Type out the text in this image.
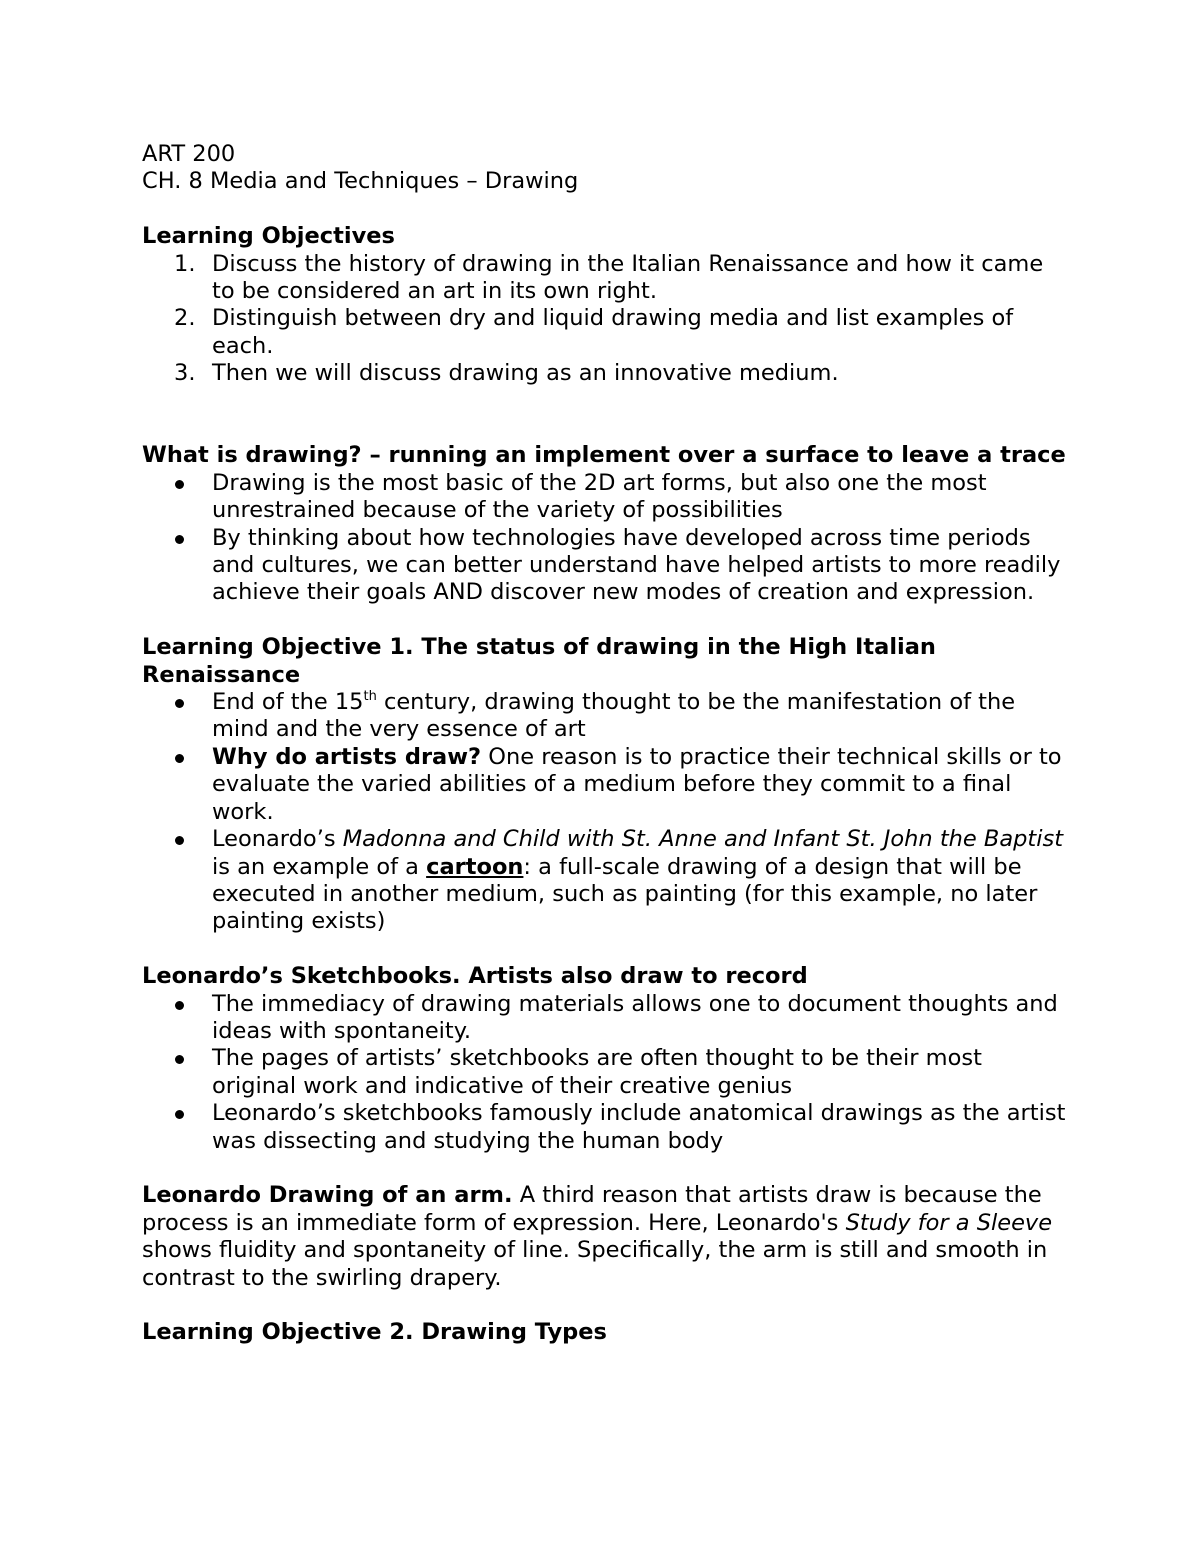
ART 200

CH. 8 Media and Techniques – Drawing

Learning Objectives

1. Discuss the history of drawing in the Italian Renaissance and how it came to be considered an art in its own right.
2. Distinguish between dry and liquid drawing media and list examples of each.
3. Then we will discuss drawing as an innovative medium.

What is drawing? – running an implement over a surface to leave a trace

Drawing is the most basic of the 2D art forms, but also one the most unrestrained because of the variety of possibilities
By thinking about how technologies have developed across time periods and cultures, we can better understand have helped artists to more readily achieve their goals AND discover new modes of creation and expression.

Learning Objective 1. The status of drawing in the High Italian Renaissance

End of the 15th century, drawing thought to be the manifestation of the mind and the very essence of art
Why do artists draw? One reason is to practice their technical skills or to evaluate the varied abilities of a medium before they commit to a final work.
Leonardo’s Madonna and Child with St. Anne and Infant St. John the Baptist is an example of a cartoon: a full-scale drawing of a design that will be executed in another medium, such as painting (for this example, no later painting exists)

Leonardo’s Sketchbooks. Artists also draw to record

The immediacy of drawing materials allows one to document thoughts and ideas with spontaneity.
The pages of artists’ sketchbooks are often thought to be their most original work and indicative of their creative genius
Leonardo’s sketchbooks famously include anatomical drawings as the artist was dissecting and studying the human body

Leonardo Drawing of an arm. A third reason that artists draw is because the process is an immediate form of expression. Here, Leonardo's Study for a Sleeve shows fluidity and spontaneity of line. Specifically, the arm is still and smooth in contrast to the swirling drapery.

Learning Objective 2. Drawing Types
